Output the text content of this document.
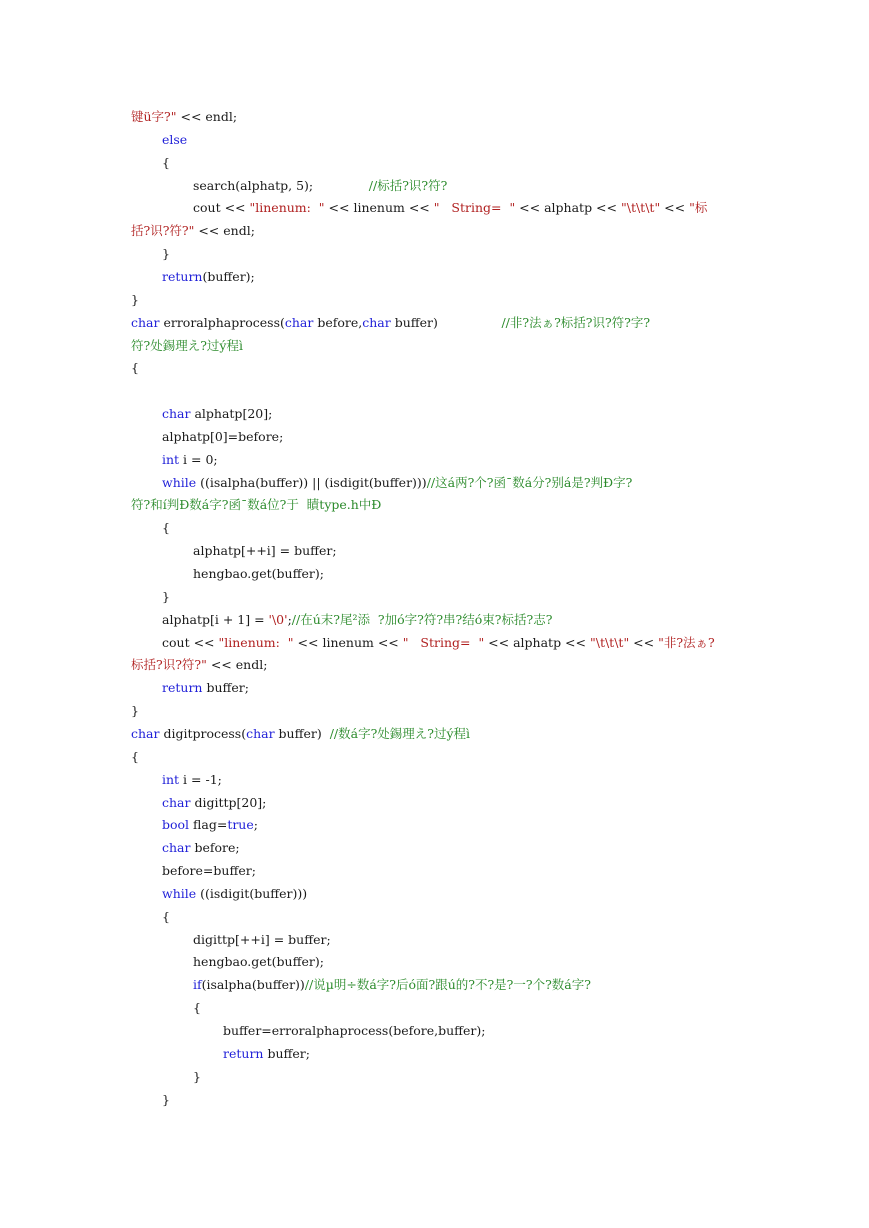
键ü字?" << endl;
else
{
search(alphatp, 5);              //标括?识?符?
cout << "linenum:  " << linenum << "   String=  " << alphatp << "\t\t\t" << "标
括?识?符?" << endl;
}
return(buffer);
}
char erroralphaprocess(char before,char buffer)                //非?法ぁ?标括?识?符?字?
符?处錫理え?过ý程ì
{
char alphatp[20];
alphatp[0]=before;
int i = 0;
while ((isalpha(buffer)) || (isdigit(buffer)))//这á两?个?函¯数á分?别á是?判Ð字?
符?和í判Ð数á字?函¯数á位?于  瞔type.h中Ð
{
alphatp[++i] = buffer;
hengbao.get(buffer);
}
alphatp[i + 1] = '\0';//在ú末?尾²添  ?加ó字?符?串?结ó束?标括?志?
cout << "linenum:  " << linenum << "   String=  " << alphatp << "\t\t\t" << "非?法ぁ?
标括?识?符?" << endl;
return buffer;
}
char digitprocess(char buffer)  //数á字?处錫理え?过ý程ì
{
int i = -1;
char digittp[20];
bool flag=true;
char before;
before=buffer;
while ((isdigit(buffer)))
{
digittp[++i] = buffer;
hengbao.get(buffer);
if(isalpha(buffer))//说µ明÷数á字?后ó面?跟ú的?不?是?一?个?数á字?
{
buffer=erroralphaprocess(before,buffer);
return buffer;
}
}
